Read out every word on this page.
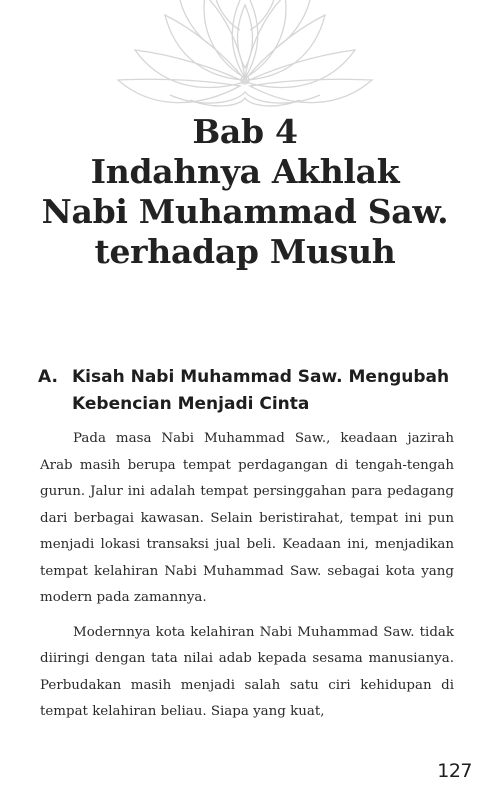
Bab 4
Indahnya Akhlak
Nabi Muhammad Saw.
terhadap Musuh
A. Kisah Nabi Muhammad Saw. Mengubah Kebencian Menjadi Cinta

Pada masa Nabi Muhammad Saw., keadaan jazirah Arab masih berupa tempat perdagangan di tengah-tengah gurun. Jalur ini adalah tempat persinggahan para pedagang dari berbagai kawasan. Selain beristirahat, tempat ini pun menjadi lokasi transaksi jual beli. Keadaan ini, menjadikan tempat kelahiran Nabi Muhammad Saw. sebagai kota yang modern pada zamannya.

Modernnya kota kelahiran Nabi Muhammad Saw. tidak diiringi dengan tata nilai adab kepada sesama manusianya. Perbudakan masih menjadi salah satu ciri kehidupan di tempat kelahiran beliau. Siapa yang kuat,

127
